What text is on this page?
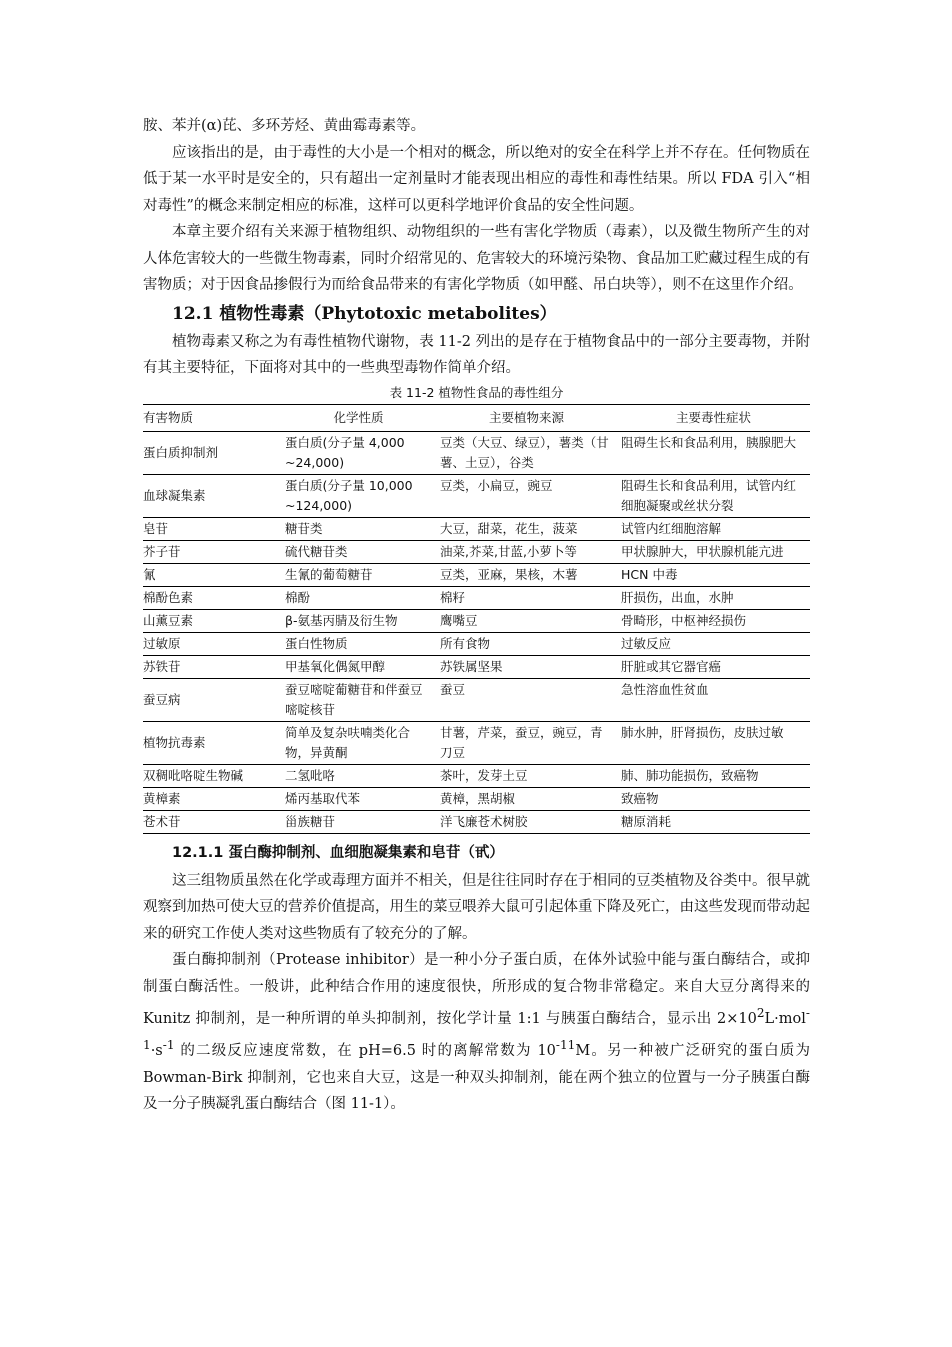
胺、苯并(α)芘、多环芳烃、黄曲霉毒素等。

应该指出的是，由于毒性的大小是一个相对的概念，所以绝对的安全在科学上并不存在。任何物质在低于某一水平时是安全的，只有超出一定剂量时才能表现出相应的毒性和毒性结果。所以 FDA 引入“相对毒性”的概念来制定相应的标准，这样可以更科学地评价食品的安全性问题。

本章主要介绍有关来源于植物组织、动物组织的一些有害化学物质（毒素），以及微生物所产生的对人体危害较大的一些微生物毒素，同时介绍常见的、危害较大的环境污染物、食品加工贮藏过程生成的有害物质；对于因食品掺假行为而给食品带来的有害化学物质（如甲醛、吊白块等），则不在这里作介绍。

12.1 植物性毒素（Phytotoxic metabolites）

植物毒素又称之为有毒性植物代谢物，表 11-2 列出的是存在于植物食品中的一部分主要毒物，并附有其主要特征，下面将对其中的一些典型毒物作简单介绍。

表 11-2 植物性食品的毒性组分
有害物质	化学性质	主要植物来源	主要毒性症状
蛋白质抑制剂	蛋白质(分子量 4,000 ~24,000)	豆类（大豆、绿豆），薯类（甘薯、土豆），谷类	阻碍生长和食品利用，胰腺肥大
血球凝集素	蛋白质(分子量 10,000 ~124,000)	豆类，小扁豆，豌豆	阻碍生长和食品利用，试管内红细胞凝聚或丝状分裂
皂苷	糖苷类	大豆，甜菜，花生，菠菜	试管内红细胞溶解
芥子苷	硫代糖苷类	油菜,芥菜,甘蓝,小萝卜等	甲状腺肿大，甲状腺机能亢进
氰	生氰的葡萄糖苷	豆类，亚麻，果核，木薯	HCN 中毒
棉酚色素	棉酚	棉籽	肝损伤，出血，水肿
山薰豆素	β-氨基丙腈及衍生物	鹰嘴豆	骨畸形，中枢神经损伤
过敏原	蛋白性物质	所有食物	过敏反应
苏铁苷	甲基氧化偶氮甲醇	苏铁属坚果	肝脏或其它器官癌
蚕豆病	蚕豆嘧啶葡糖苷和伴蚕豆嘧啶核苷	蚕豆	急性溶血性贫血
植物抗毒素	简单及复杂呋喃类化合物，异黄酮	甘薯，芹菜，蚕豆，豌豆，青刀豆	肺水肿，肝肾损伤，皮肤过敏
双稠吡咯啶生物碱	二氢吡咯	茶叶，发芽土豆	肺、肺功能损伤，致癌物
黄樟素	烯丙基取代苯	黄樟，黑胡椒	致癌物
苍术苷	甾族糖苷	洋飞廉苍术树胶	糖原消耗
12.1.1 蛋白酶抑制剂、血细胞凝集素和皂苷（甙）

这三组物质虽然在化学或毒理方面并不相关，但是往往同时存在于相同的豆类植物及谷类中。很早就观察到加热可使大豆的营养价值提高，用生的菜豆喂养大鼠可引起体重下降及死亡，由这些发现而带动起来的研究工作使人类对这些物质有了较充分的了解。

蛋白酶抑制剂（Protease inhibitor）是一种小分子蛋白质，在体外试验中能与蛋白酶结合，或抑制蛋白酶活性。一般讲，此种结合作用的速度很快，所形成的复合物非常稳定。来自大豆分离得来的 Kunitz 抑制剂，是一种所谓的单头抑制剂，按化学计量 1:1 与胰蛋白酶结合，显示出 $2\times 10^2L\cdot mol^{-1}\cdot s^{-1}$ 的二级反应速度常数，在 pH=6.5 时的离解常数为 $10^{-11}M$。另一种被广泛研究的蛋白质为 Bowman-Birk 抑制剂，它也来自大豆，这是一种双头抑制剂，能在两个独立的位置与一分子胰蛋白酶及一分子胰凝乳蛋白酶结合（图 11-1）。
